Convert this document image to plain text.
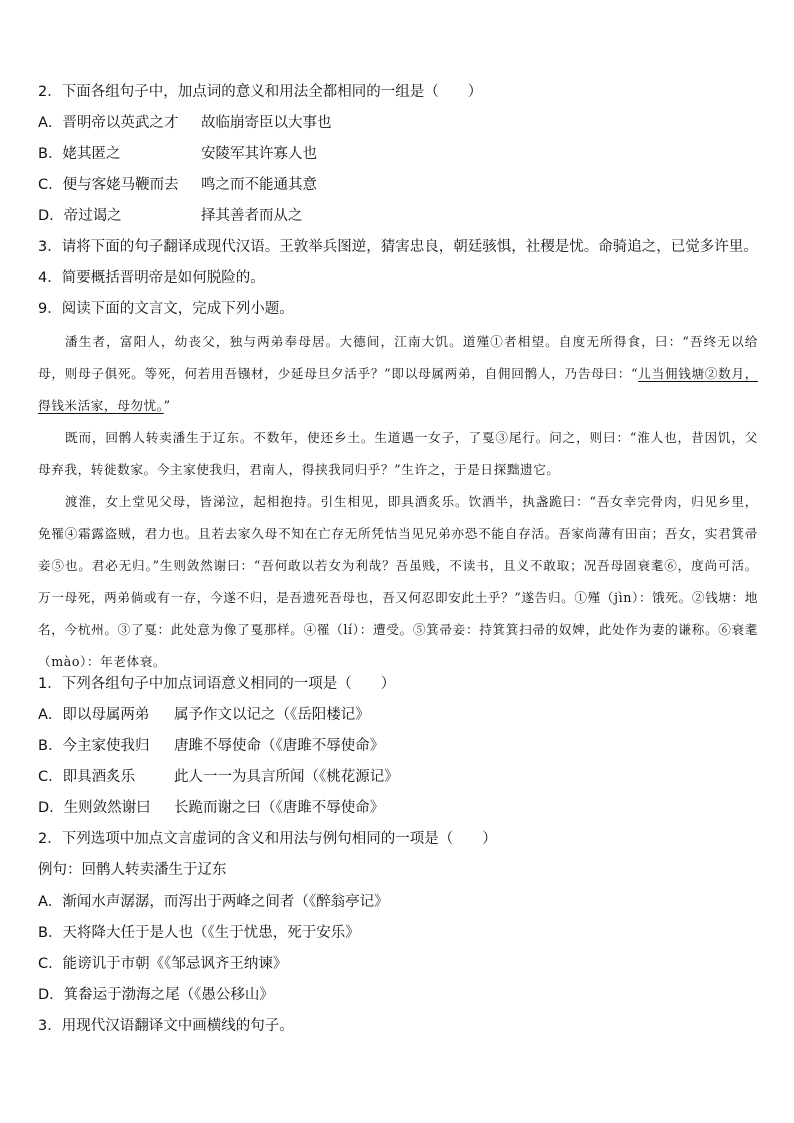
2．下面各组句子中，加点词的意义和用法全都相同的一组是（　　）
A．晋明帝以英武之才 故临崩寄臣以大事也
B．姥其匿之	安陵军其许寡人也
C．便与客姥马鞭而去 鸣之而不能通其意
D．帝过谒之	择其善者而从之
3．请将下面的句子翻译成现代汉语。王敦举兵图逆，猜害忠良，朝廷骇惧，社稷是忧。命骑追之，已觉多许里。
4．简要概括晋明帝是如何脱险的。
9．阅读下面的文言文，完成下列小题。

潘生者，富阳人，幼丧父，独与两弟奉母居。大德间，江南大饥。道殣①者相望。自度无所得食，曰：“吾终无以给母，则母子俱死。等死，何若用吾镪材，少延母旦夕活乎？”即以母属两弟，自佣回鹘人，乃告母曰：“儿当佣钱塘②数月，得钱米活家，母勿忧。”

既而，回鹘人转卖潘生于辽东。不数年，使还乡土。生道遇一女子，了戛③尾行。问之，则曰：“淮人也，昔因饥，父母弃我，转徙数家。今主家使我归，君南人，得挟我同归乎？”生许之，于是日探黜遗它。

渡淮，女上堂见父母，皆涕泣，起相抱持。引生相见，即具酒炙乐。饮酒半，执盏跪曰：“吾女幸完骨肉，归见乡里，免罹④霜露盗贼，君力也。且若去家久母不知在亡存无所凭怙当见兄弟亦恐不能自存活。吾家尚薄有田亩；吾女，实君箕帚妾⑤也。君必无归。”生则敛然谢曰：“吾何敢以若女为利哉？吾虽贱，不读书，且义不敢取；况吾母固衰耄⑥，度尚可活。万一母死，两弟倘或有一存，今遂不归，是吾遗死吾母也，吾又何忍即安此土乎？”遂告归。①殣（jìn）：饿死。②钱塘：地名，今杭州。③了戛：此处意为像了戛那样。④罹（lí）：遭受。⑤箕帚妾：持箕箕扫帚的奴婢，此处作为妻的谦称。⑥衰耄（mào）：年老体衰。

1．下列各组句子中加点词语意义相同的一项是（　　）
A．即以母属两弟 属予作文以记之（《岳阳楼记》
B．今主家使我归 唐雎不辱使命（《唐雎不辱使命》
C．即具酒炙乐	此人一一为具言所闻（《桃花源记》
D．生则敛然谢曰 长跪而谢之曰（《唐雎不辱使命》
2．下列选项中加点文言虚词的含义和用法与例句相同的一项是（　　）
例句：回鹘人转卖潘生于辽东
A．渐闻水声潺潺，而泻出于两峰之间者（《醉翁亭记》
B．天将降大任于是人也（《生于忧患，死于安乐》
C．能谤讥于市朝《《邹忌讽齐王纳谏》
D．箕畚运于渤海之尾（《愚公移山》
3．用现代汉语翻译文中画横线的句子。
